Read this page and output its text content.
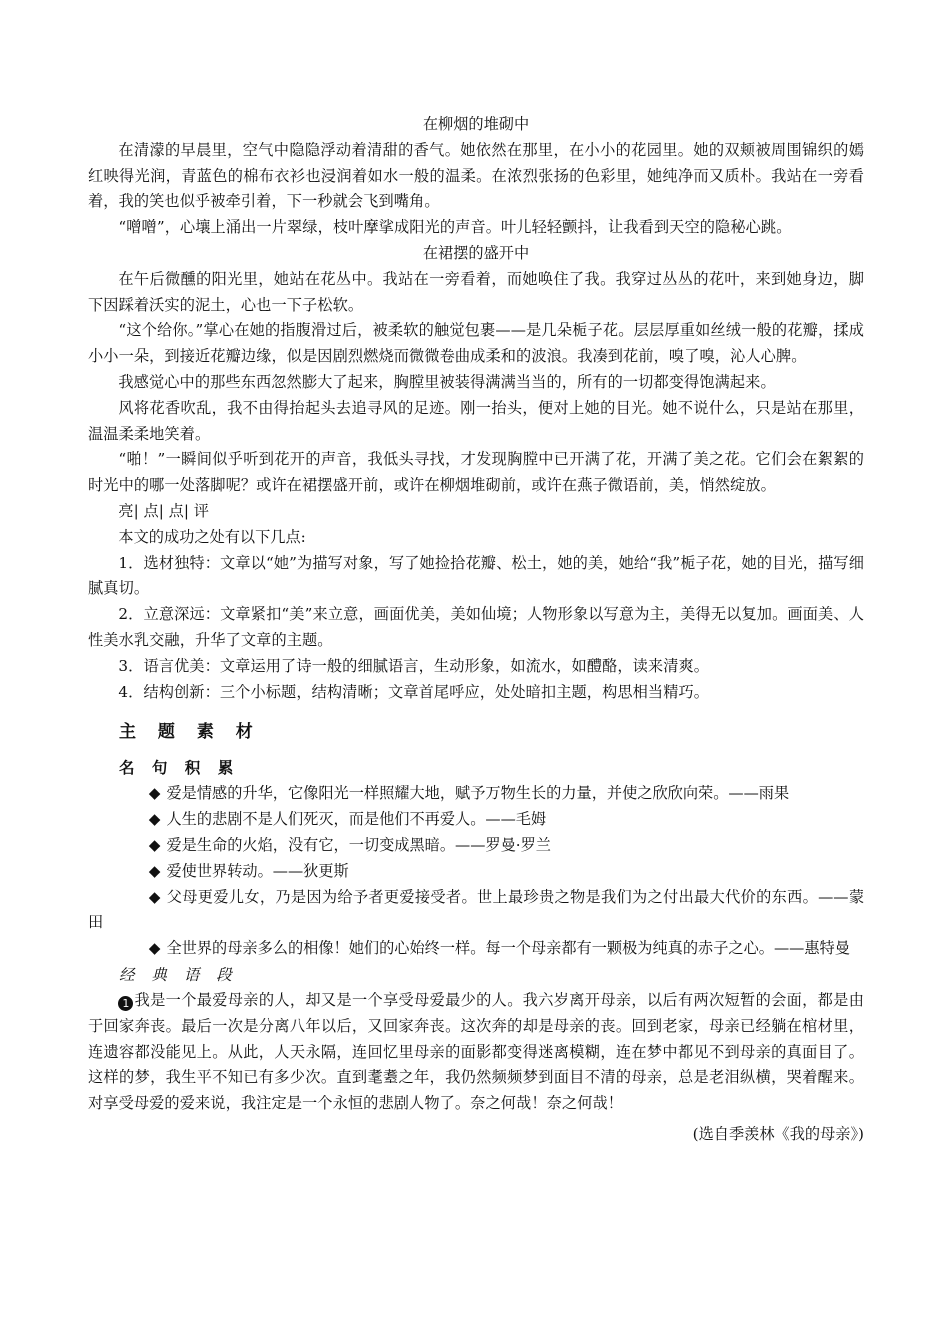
在柳烟的堆砌中

在清濛的早晨里，空气中隐隐浮动着清甜的香气。她依然在那里，在小小的花园里。她的双颊被周围锦织的嫣红映得光润，青蓝色的棉布衣衫也浸润着如水一般的温柔。在浓烈张扬的色彩里，她纯净而又质朴。我站在一旁看着，我的笑也似乎被牵引着，下一秒就会飞到嘴角。

“噌噌”，心壤上涌出一片翠绿，枝叶摩挲成阳光的声音。叶儿轻轻颤抖，让我看到天空的隐秘心跳。

在裙摆的盛开中

在午后微醺的阳光里，她站在花丛中。我站在一旁看着，而她唤住了我。我穿过丛丛的花叶，来到她身边，脚下因踩着沃实的泥土，心也一下子松软。

“这个给你。”掌心在她的指腹滑过后，被柔软的触觉包裹——是几朵栀子花。层层厚重如丝绒一般的花瓣，揉成小小一朵，到接近花瓣边缘，似是因剧烈燃烧而微微卷曲成柔和的波浪。我凑到花前，嗅了嗅，沁人心脾。

我感觉心中的那些东西忽然膨大了起来，胸膛里被装得满满当当的，所有的一切都变得饱满起来。

风将花香吹乱，我不由得抬起头去追寻风的足迹。刚一抬头，便对上她的目光。她不说什么，只是站在那里，温温柔柔地笑着。

“啪！”一瞬间似乎听到花开的声音，我低头寻找，才发现胸膛中已开满了花，开满了美之花。它们会在絮絮的时光中的哪一处落脚呢？或许在裙摆盛开前，或许在柳烟堆砌前，或许在燕子微语前，美，悄然绽放。

亮| 点| 点| 评

本文的成功之处有以下几点:

1．选材独特：文章以“她”为描写对象，写了她捡拾花瓣、松土，她的美，她给“我”栀子花，她的目光，描写细腻真切。

2．立意深远：文章紧扣“美”来立意，画面优美，美如仙境；人物形象以写意为主，美得无以复加。画面美、人性美水乳交融，升华了文章的主题。

3．语言优美：文章运用了诗一般的细腻语言，生动形象，如流水，如醴酪，读来清爽。

4．结构创新：三个小标题，结构清晰；文章首尾呼应，处处暗扣主题，构思相当精巧。

主 题 素 材
名 句 积 累

◆ 爱是情感的升华，它像阳光一样照耀大地，赋予万物生长的力量，并使之欣欣向荣。——雨果

◆ 人生的悲剧不是人们死灭，而是他们不再爱人。——毛姆

◆ 爱是生命的火焰，没有它，一切变成黑暗。——罗曼·罗兰

◆ 爱使世界转动。——狄更斯

◆ 父母更爱儿女，乃是因为给予者更爱接受者。世上最珍贵之物是我们为之付出最大代价的东西。——蒙田

◆ 全世界的母亲多么的相像！她们的心始终一样。每一个母亲都有一颗极为纯真的赤子之心。——惠特曼

经 典 语 段

1 我是一个最爱母亲的人，却又是一个享受母爱最少的人。我六岁离开母亲，以后有两次短暂的会面，都是由于回家奔丧。最后一次是分离八年以后，又回家奔丧。这次奔的却是母亲的丧。回到老家，母亲已经躺在棺材里，连遗容都没能见上。从此，人天永隔，连回忆里母亲的面影都变得迷离模糊，连在梦中都见不到母亲的真面目了。这样的梦，我生平不知已有多少次。直到耄耋之年，我仍然频频梦到面目不清的母亲，总是老泪纵横，哭着醒来。对享受母爱的爱来说，我注定是一个永恒的悲剧人物了。奈之何哉！奈之何哉！

(选自季羡林《我的母亲》)
